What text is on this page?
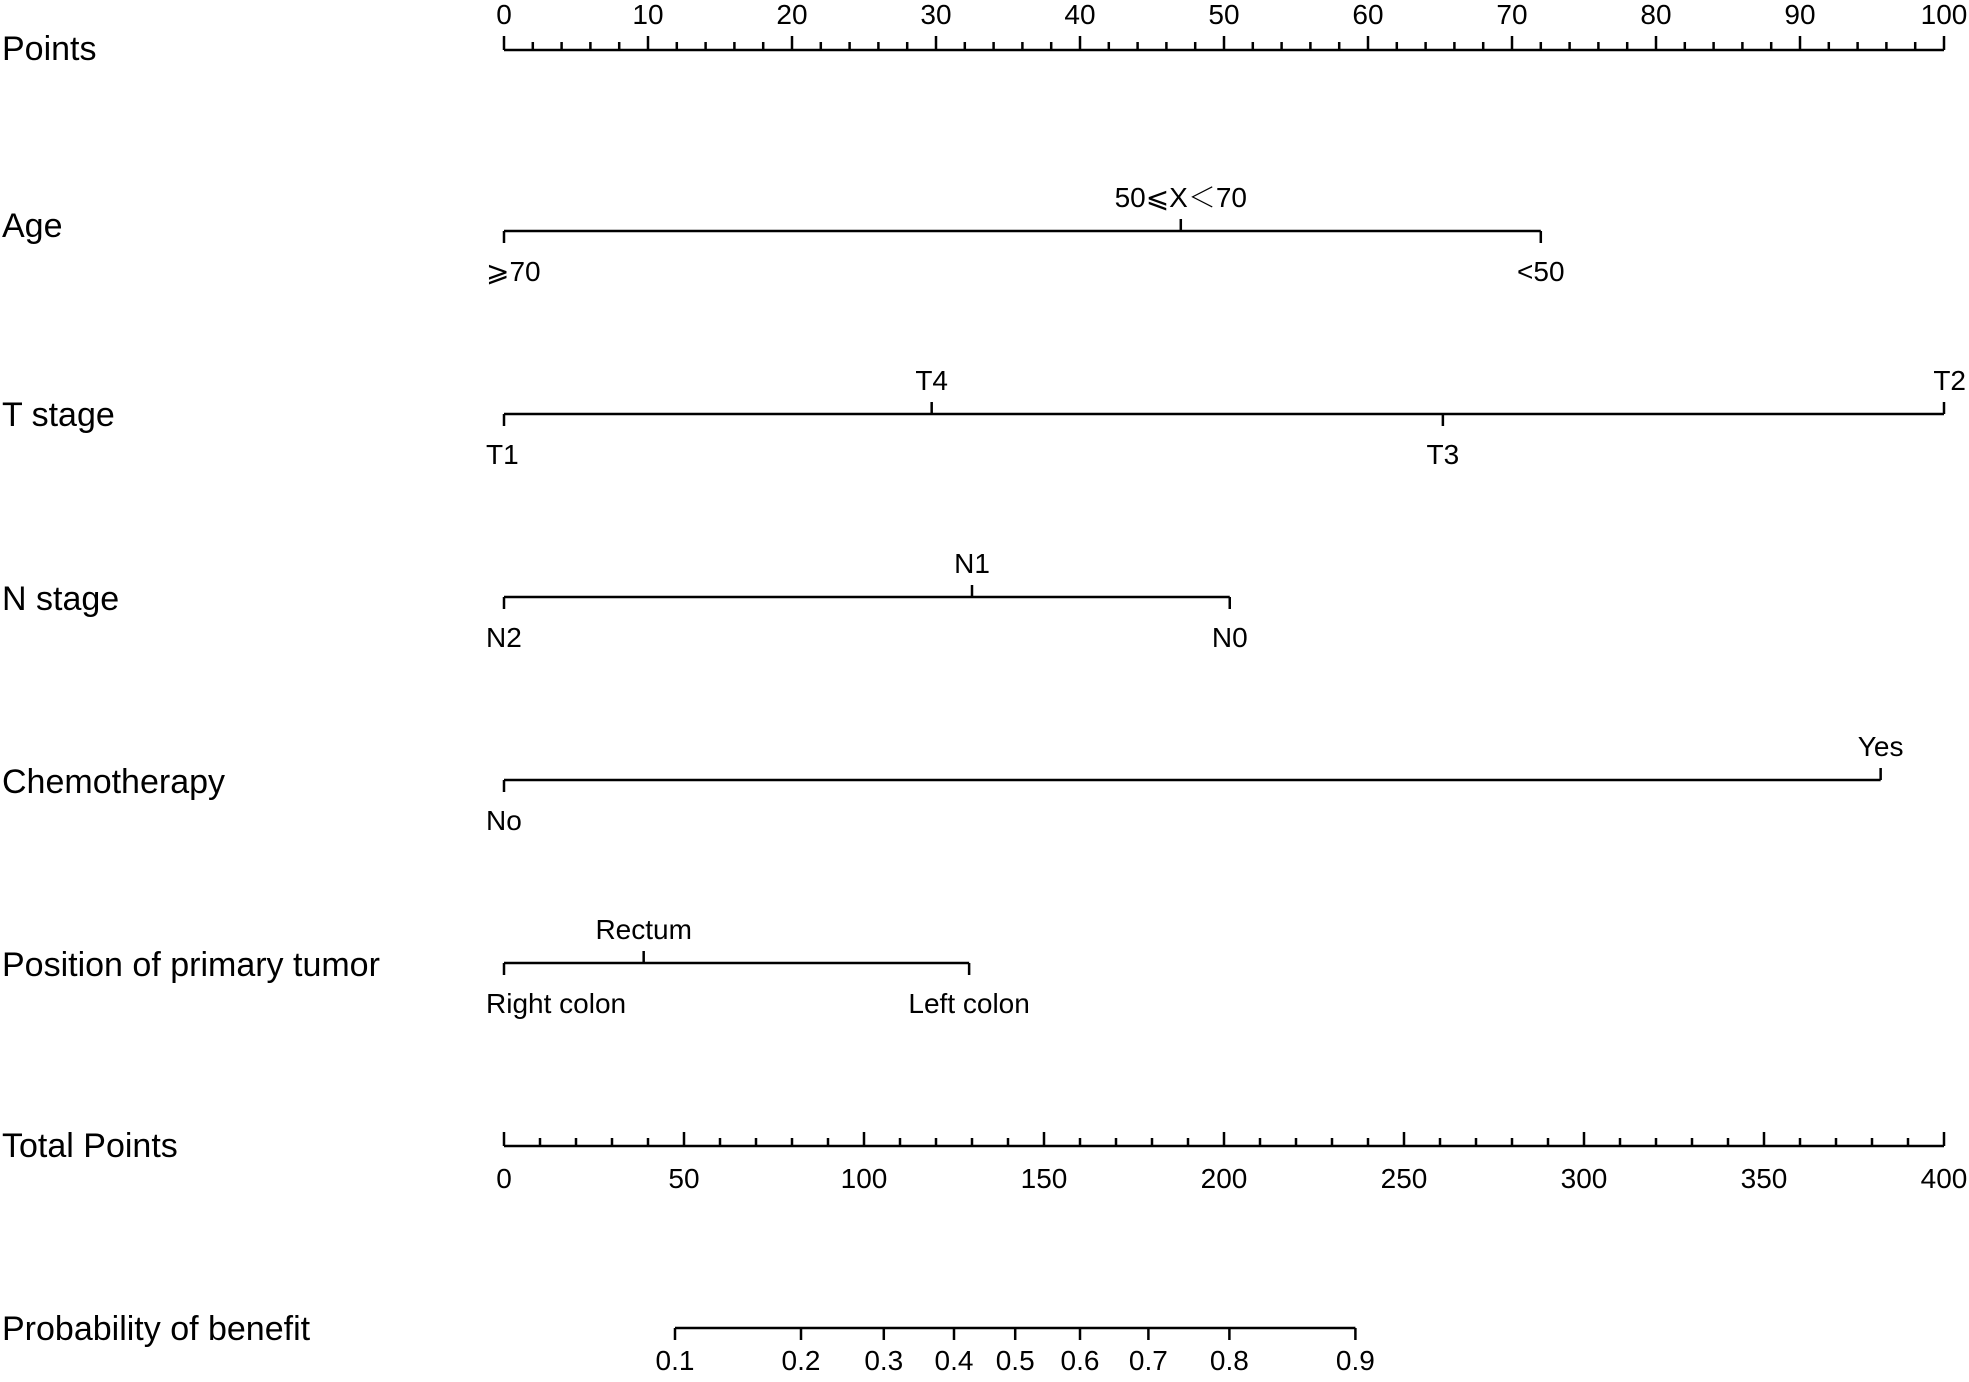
Points
0	10	20	30	40	50	60	70	80	90	100
Age
⩾70
50⩽X＜70
<50
T stage
T1
T4
T3
T2
N stage
N2
N1
N0
Chemotherapy
No
Yes
Position of primary tumor
Right colon
Rectum
Left colon
Total Points
0	50	100	150	200	250	300	350	400
Probability of benefit
0.1	0.2 0.3 0.4 0.5 0.6 0.7 0.8	0.9
